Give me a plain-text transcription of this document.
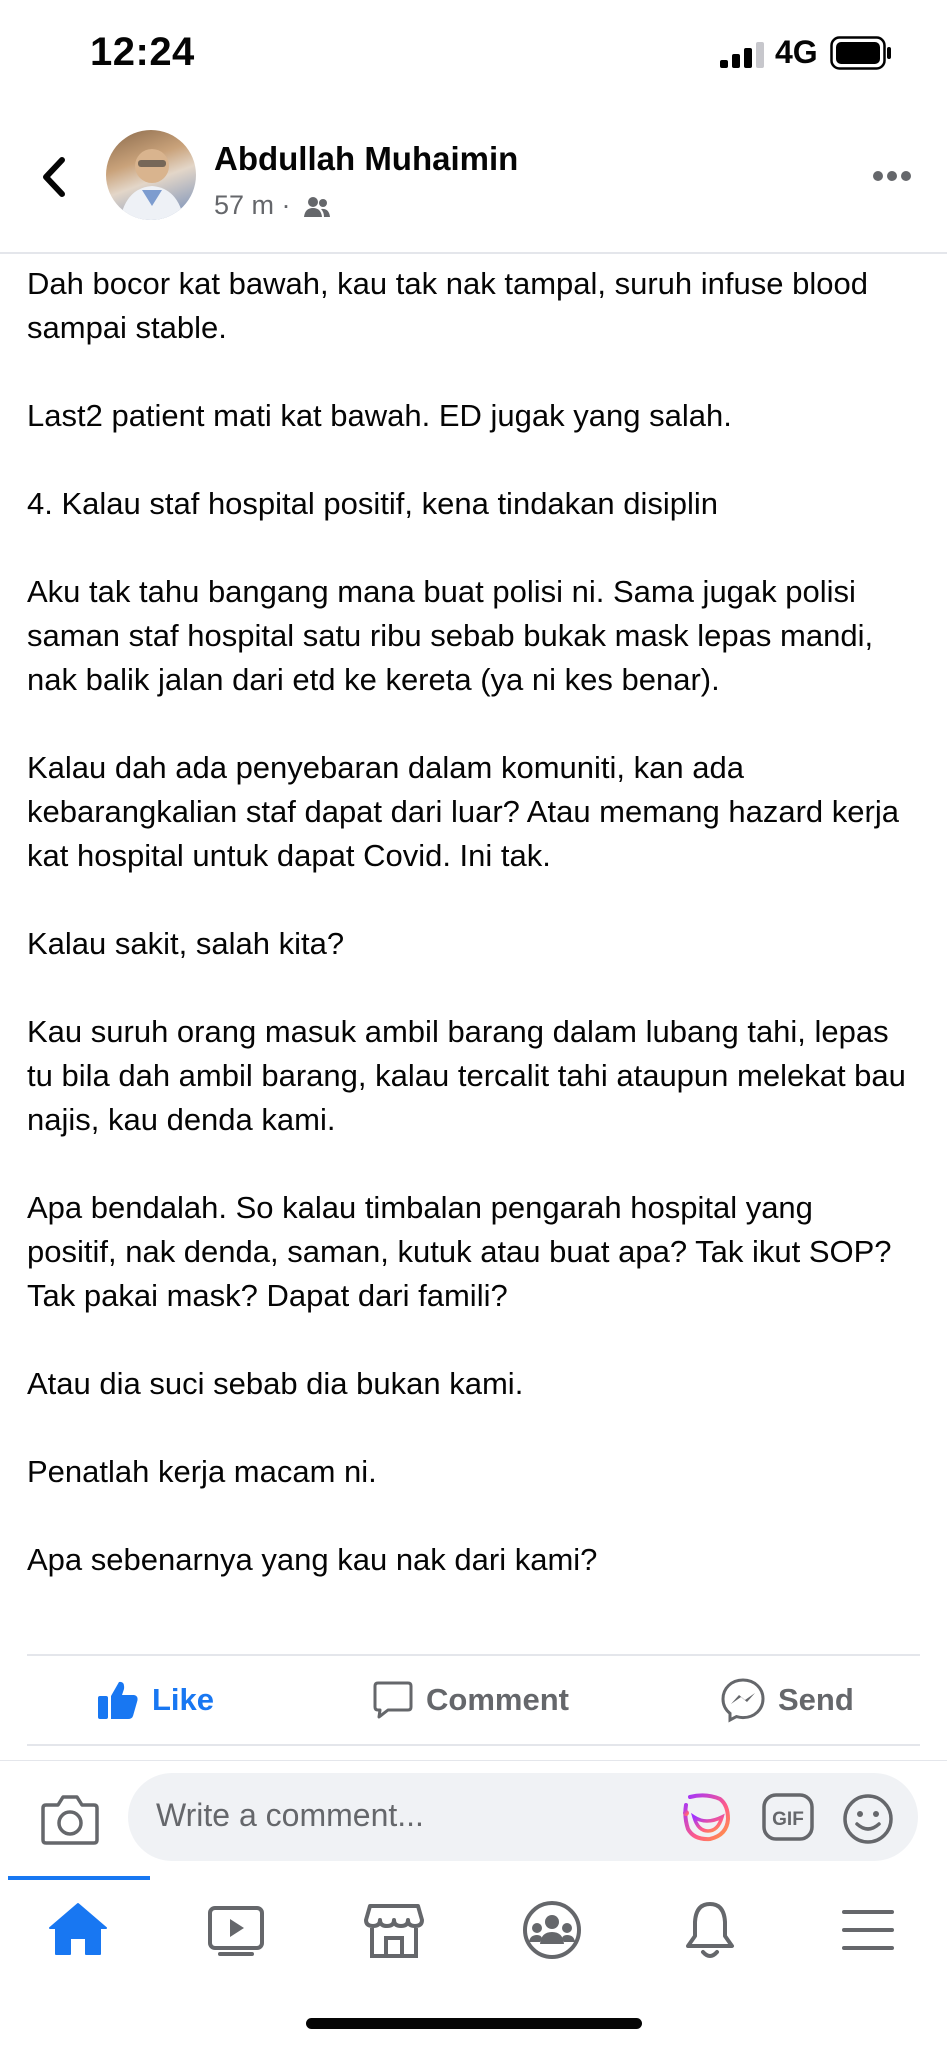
12:24	4G
Abdullah Muhaimin
57 m ·

Dah bocor kat bawah, kau tak nak tampal, suruh infuse blood sampai stable.

Last2 patient mati kat bawah. ED jugak yang salah.

4. Kalau staf hospital positif, kena tindakan disiplin

Aku tak tahu bangang mana buat polisi ni. Sama jugak polisi saman staf hospital satu ribu sebab bukak mask lepas mandi, nak balik jalan dari etd ke kereta (ya ni kes benar).

Kalau dah ada penyebaran dalam komuniti, kan ada kebarangkalian staf dapat dari luar? Atau memang hazard kerja kat hospital untuk dapat Covid. Ini tak.

Kalau sakit, salah kita?

Kau suruh orang masuk ambil barang dalam lubang tahi, lepas tu bila dah ambil barang, kalau tercalit tahi ataupun melekat bau najis, kau denda kami.

Apa bendalah. So kalau timbalan pengarah hospital yang positif, nak denda, saman, kutuk atau buat apa? Tak ikut SOP? Tak pakai mask? Dapat dari famili?

Atau dia suci sebab dia bukan kami.

Penatlah kerja macam ni.

Apa sebenarnya yang kau nak dari kami?

Like	Comment	Send
Write a comment...	GIF
